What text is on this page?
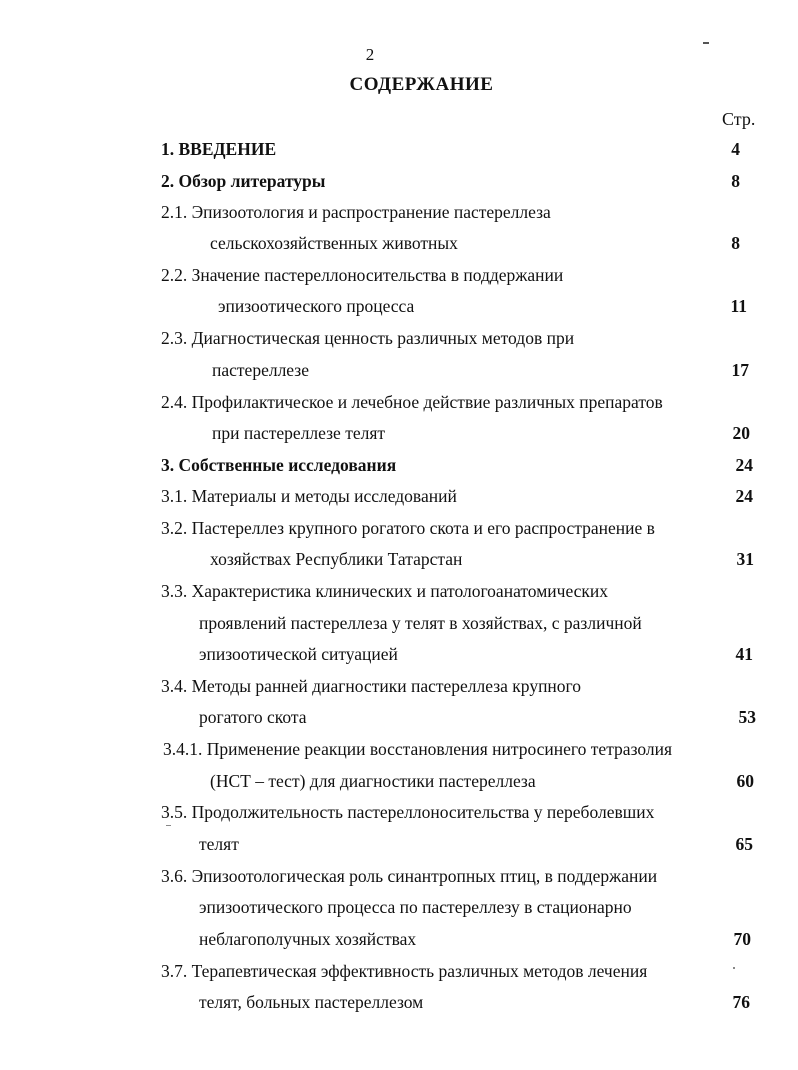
2
СОДЕРЖАНИЕ
Стр.
1. ВВЕДЕНИЕ	4
2. Обзор литературы	8
2.1. Эпизоотология и распространение пастереллеза
сельскохозяйственных животных	8
2.2. Значение пастереллоносительства в поддержании
эпизоотического процесса	11
2.3. Диагностическая ценность различных методов при
пастереллезе	17
2.4. Профилактическое и лечебное действие различных препаратов
при пастереллезе телят	20
3. Собственные исследования	24
3.1. Материалы и методы исследований	24
3.2. Пастереллез крупного рогатого скота и его распространение в
хозяйствах Республики Татарстан	31
3.3. Характеристика клинических и патологоанатомических
проявлений пастереллеза у телят в хозяйствах, с различной
эпизоотической ситуацией	41
3.4. Методы ранней диагностики пастереллеза крупного
рогатого скота	53
3.4.1. Применение реакции восстановления нитросинего тетразолия
(НСТ – тест) для диагностики пастереллеза	60
3.5. Продолжительность пастереллоносительства у переболевших
телят	65
3.6. Эпизоотологическая роль синантропных птиц, в поддержании
эпизоотического процесса по пастереллезу в стационарно
неблагополучных хозяйствах	70
3.7. Терапевтическая эффективность различных методов лечения
телят, больных пастереллезом	76
